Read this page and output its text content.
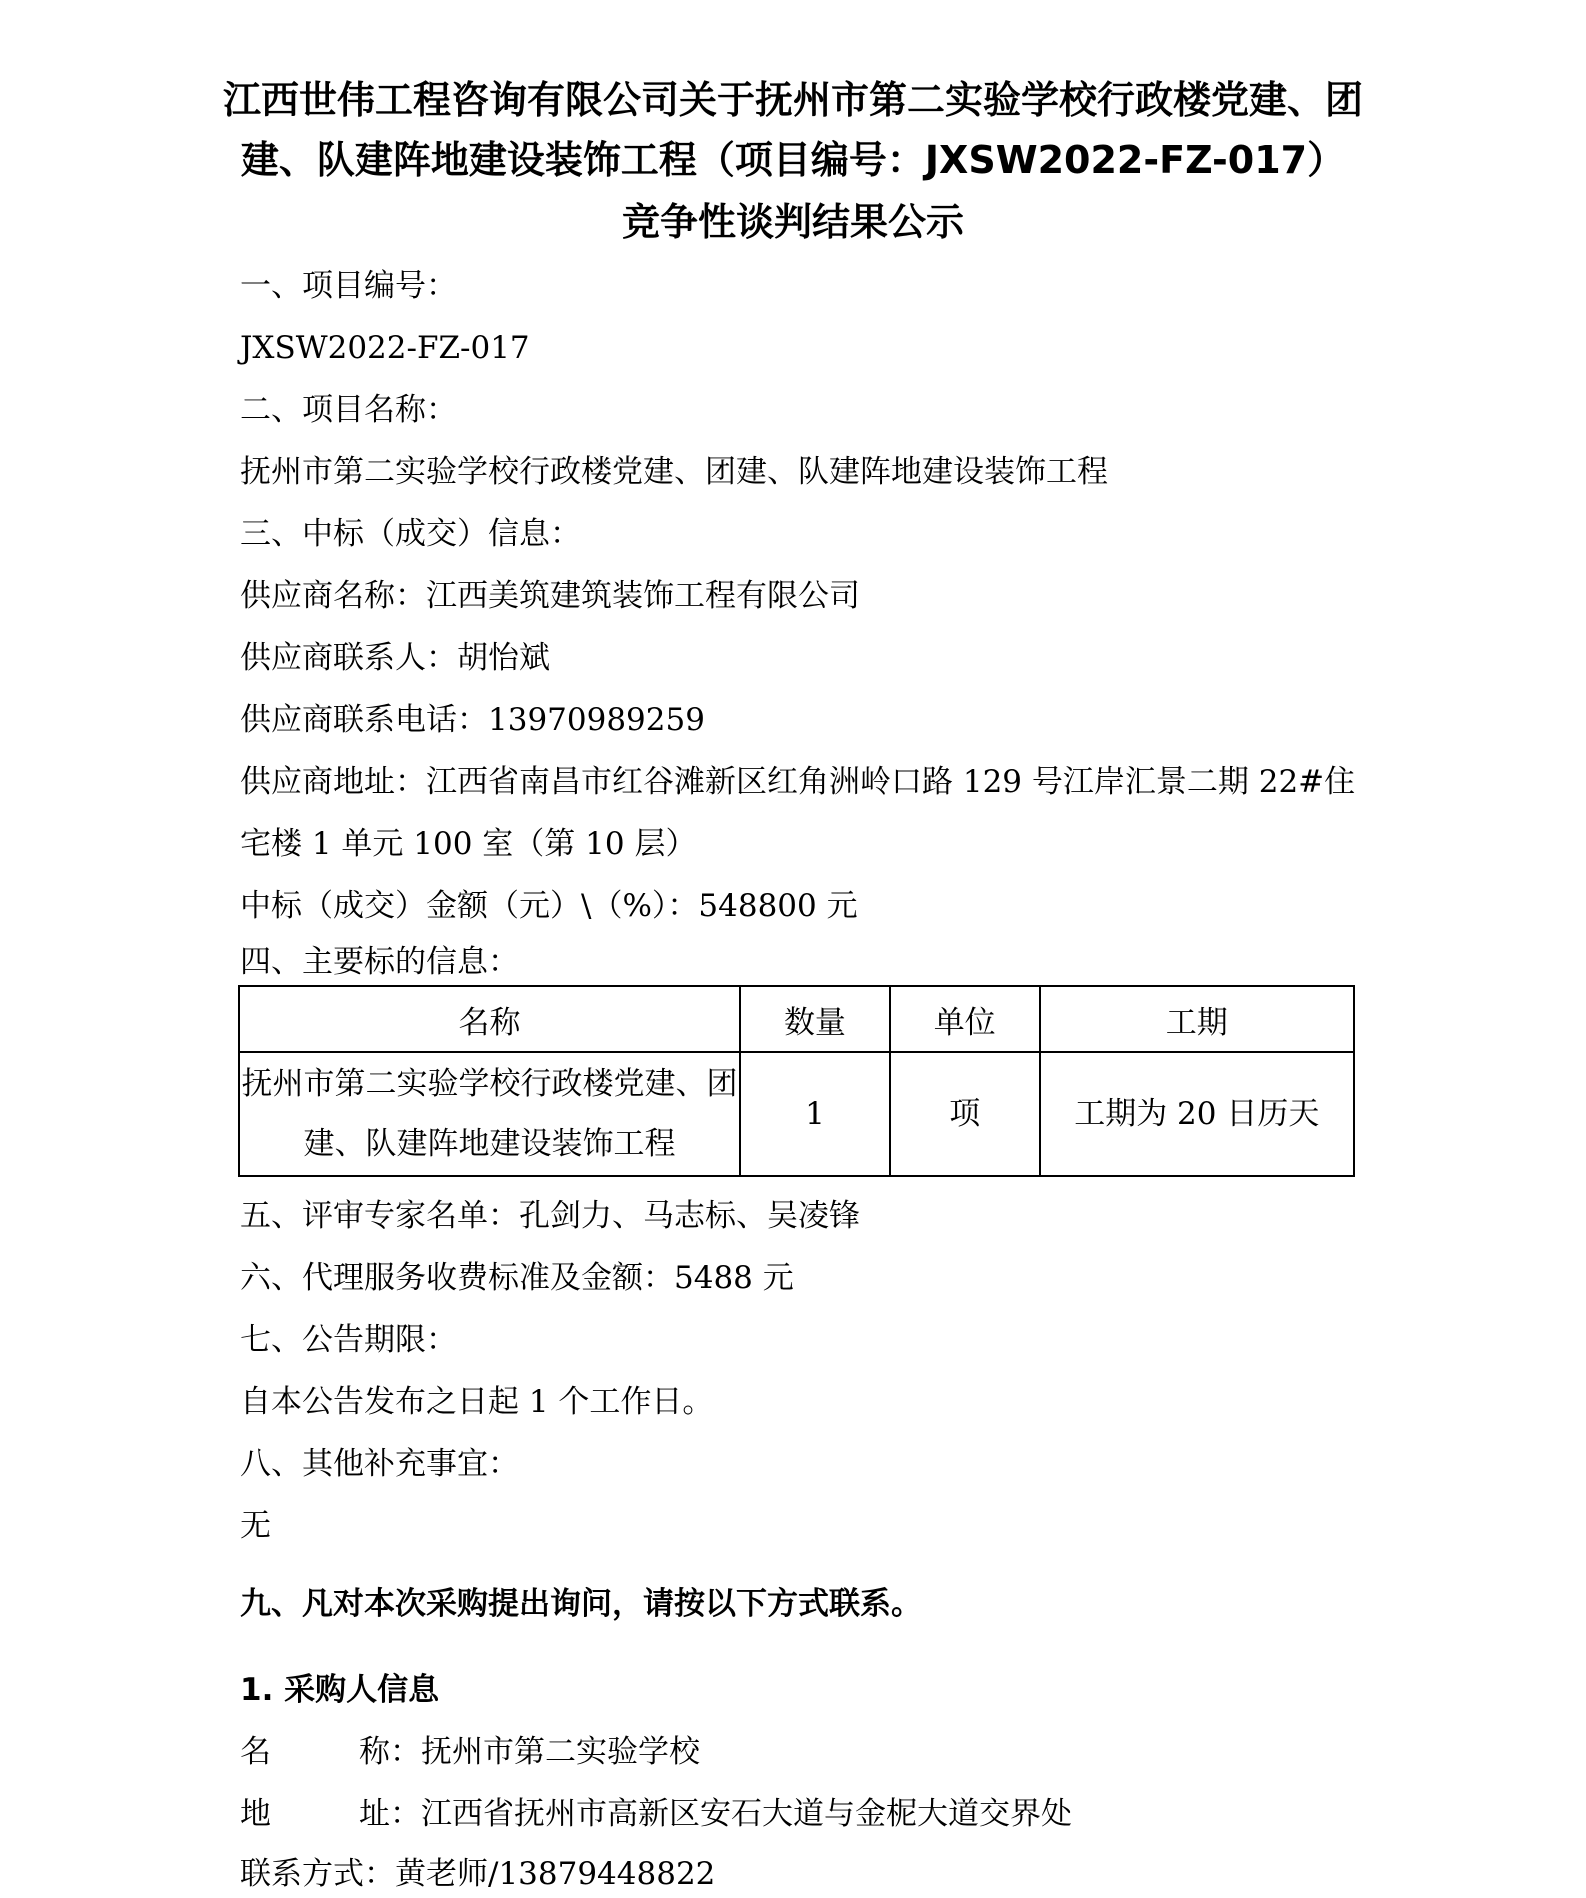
江西世伟工程咨询有限公司关于抚州市第二实验学校行政楼党建、团
建、队建阵地建设装饰工程（项目编号：JXSW2022-FZ-017）
竞争性谈判结果公示
一、项目编号：
JXSW2022-FZ-017
二、项目名称：
抚州市第二实验学校行政楼党建、团建、队建阵地建设装饰工程
三、中标（成交）信息：
供应商名称：江西美筑建筑装饰工程有限公司
供应商联系人：胡怡斌
供应商联系电话：13970989259
供应商地址：江西省南昌市红谷滩新区红角洲岭口路 129 号江岸汇景二期 22#住
宅楼 1 单元 100 室（第 10 层）
中标（成交）金额（元）\（%）：548800 元
四、主要标的信息：
名称	数量	单位	工期

抚州市第二实验学校行政楼党建、团
建、队建阵地建设装饰工程	1	项	工期为 20 日历天
五、评审专家名单：孔剑力、马志标、吴凌锋
六、代理服务收费标准及金额：5488 元
七、公告期限：
自本公告发布之日起 1 个工作日。
八、其他补充事宜：
无
九、凡对本次采购提出询问，请按以下方式联系。
1. 采购人信息
名　　称：抚州市第二实验学校
地　　址：江西省抚州市高新区安石大道与金柅大道交界处
联系方式：黄老师/13879448822
